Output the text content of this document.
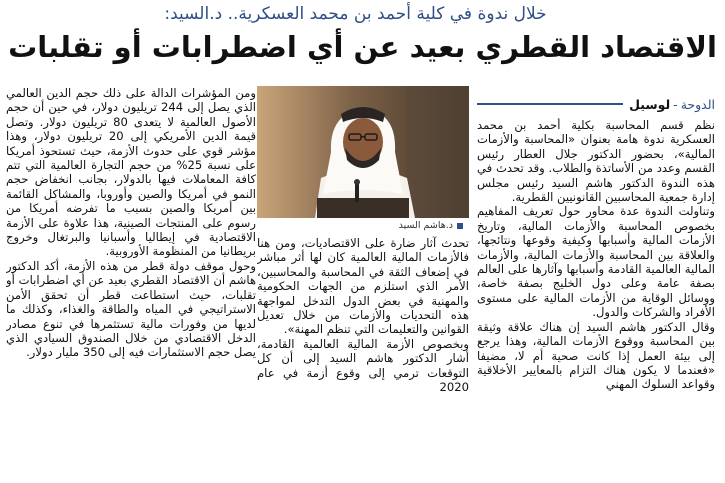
خلال ندوة في كلية أحمد بن محمد العسكرية.. د.السيد:
الاقتصاد القطري بعيد عن أي اضطرابات أو تقلبات
الدوحة
-
لوسيل

نظم قسم المحاسبة بكلية أحمد بن محمد العسكرية ندوة هامة بعنوان «المحاسبة والأزمات المالية»، بحضور الدكتور جلال العطار رئيس القسم وعدد من الأساتذة والطلاب. وقد تحدث في هذه الندوة الدكتور هاشم السيد رئيس مجلس إدارة جمعية المحاسبين القانونيين القطرية.

وتناولت الندوة عدة محاور حول تعريف المفاهيم بخصوص المحاسبة والأزمات المالية، وتاريخ الأزمات المالية وأسبابها وكيفية وقوعها ونتائجها، والعلاقة بين المحاسبة والأزمات المالية، والأزمات المالية العالمية القادمة وأسبابها وآثارها على العالم بصفة عامة وعلى دول الخليج بصفة خاصة، ووسائل الوقاية من الأزمات المالية على مستوى الأفراد والشركات والدول.

وقال الدكتور هاشم السيد إن هناك علاقة وثيقة بين المحاسبة ووقوع الأزمات المالية، وهذا يرجع إلى بيئة العمل إذا كانت صحية أم لا، مضيفا «فعندما لا يكون هناك التزام بالمعايير الأخلاقية وقواعد السلوك المهني

د.هاشم السيد

تحدث آثار ضارة على الاقتصاديات، ومن هنا فالأزمات المالية العالمية كان لها أثر مباشر في إضعاف الثقة في المحاسبة والمحاسبين، الأمر الذي استلزم من الجهات الحكومية والمهنية في بعض الدول التدخل لمواجهة هذه التحديات والأزمات من خلال تعديل القوانين والتعليمات التي تنظم المهنة».

وبخصوص الأزمة المالية العالمية القادمة، أشار الدكتور هاشم السيد إلى أن كل التوقعات ترمي إلى وقوع أزمة في عام 2020

ومن المؤشرات الدالة على ذلك حجم الدين العالمي الذي يصل إلى 244 تريليون دولار، في حين أن حجم الأصول العالمية لا يتعدى 80 تريليون دولار. وتصل قيمة الدين الأمريكي إلى 20 تريليون دولار، وهذا مؤشر قوي على حدوث الأزمة، حيث تستحوذ أمريكا على نسبة 25% من حجم التجارة العالمية التي تتم كافة المعاملات فيها بالدولار، بجانب انخفاض حجم النمو في أمريكا والصين وأوروبا، والمشاكل القائمة بين أمريكا والصين بسبب ما تفرضه أمريكا من رسوم على المنتجات الصينية، هذا علاوة على الأزمة الاقتصادية في إيطاليا وأسبانيا والبرتغال وخروج بريطانيا من المنظومة الأوروبية.

وحول موقف دولة قطر من هذه الأزمة، أكد الدكتور هاشم أن الاقتصاد القطري بعيد عن أي اضطرابات أو تقلبات، حيث استطاعت قطر أن تحقق الأمن الاستراتيجي في المياه والطاقة والغذاء، وكذلك ما لديها من وفورات مالية تستثمرها في تنوع مصادر الدخل الاقتصادي من خلال الصندوق السيادي الذي يصل حجم الاستثمارات فيه إلى 350 مليار دولار.
